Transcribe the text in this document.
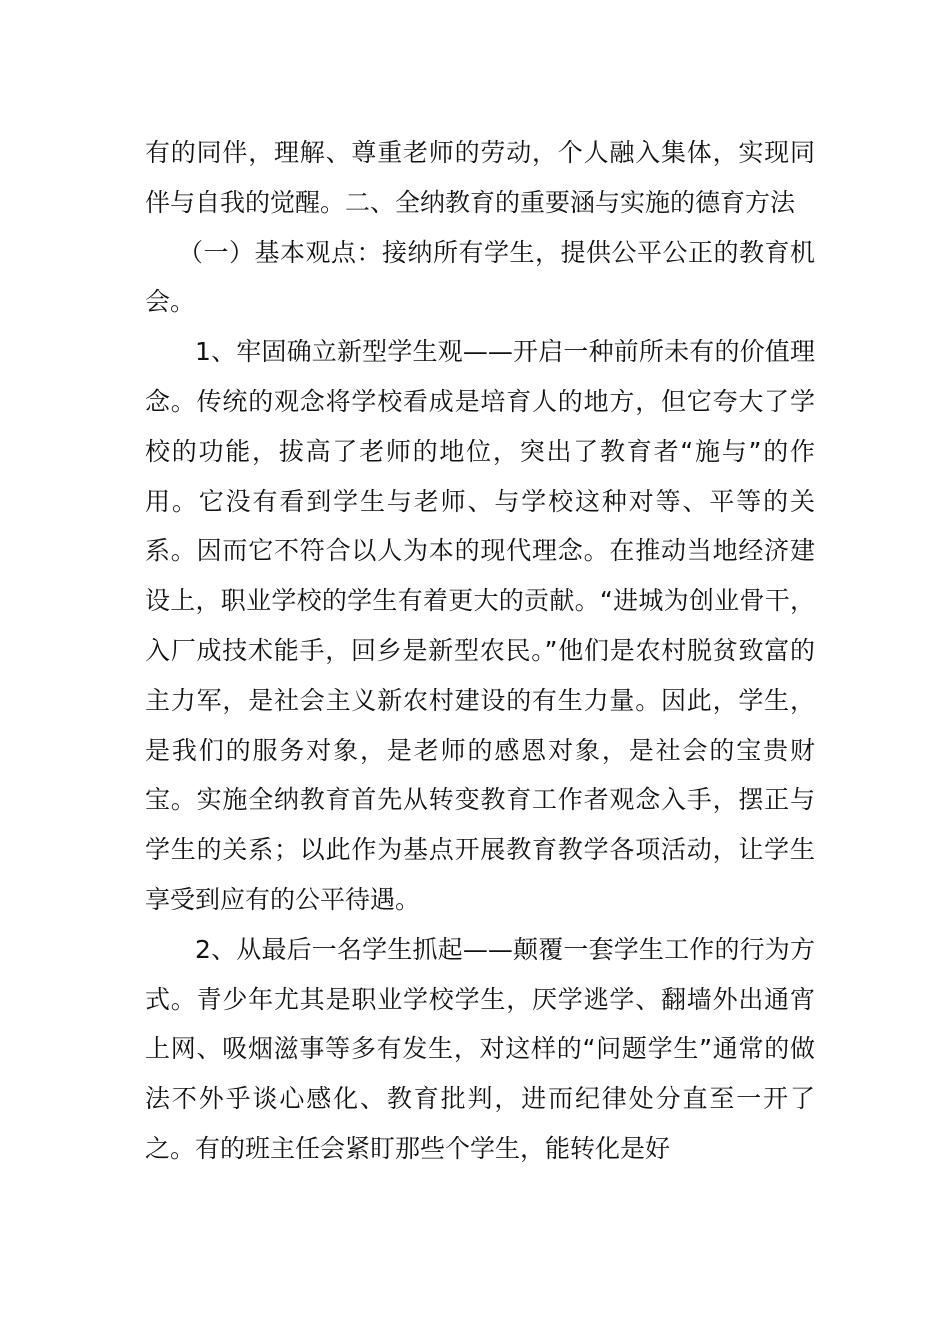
有的同伴，理解、尊重老师的劳动，个人融入集体，实现同伴与自我的觉醒。二、全纳教育的重要涵与实施的德育方法

（一）基本观点：接纳所有学生，提供公平公正的教育机会。

1、牢固确立新型学生观——开启一种前所未有的价值理念。传统的观念将学校看成是培育人的地方，但它夸大了学校的功能，拔高了老师的地位，突出了教育者“施与”的作用。它没有看到学生与老师、与学校这种对等、平等的关系。因而它不符合以人为本的现代理念。在推动当地经济建设上，职业学校的学生有着更大的贡献。“进城为创业骨干，入厂成技术能手，回乡是新型农民。”他们是农村脱贫致富的主力军，是社会主义新农村建设的有生力量。因此，学生，是我们的服务对象，是老师的感恩对象，是社会的宝贵财宝。实施全纳教育首先从转变教育工作者观念入手，摆正与学生的关系；以此作为基点开展教育教学各项活动，让学生享受到应有的公平待遇。

2、从最后一名学生抓起——颠覆一套学生工作的行为方式。青少年尤其是职业学校学生，厌学逃学、翻墙外出通宵上网、吸烟滋事等多有发生，对这样的“问题学生”通常的做法不外乎谈心感化、教育批判，进而纪律处分直至一开了之。有的班主任会紧盯那些个学生，能转化是好
